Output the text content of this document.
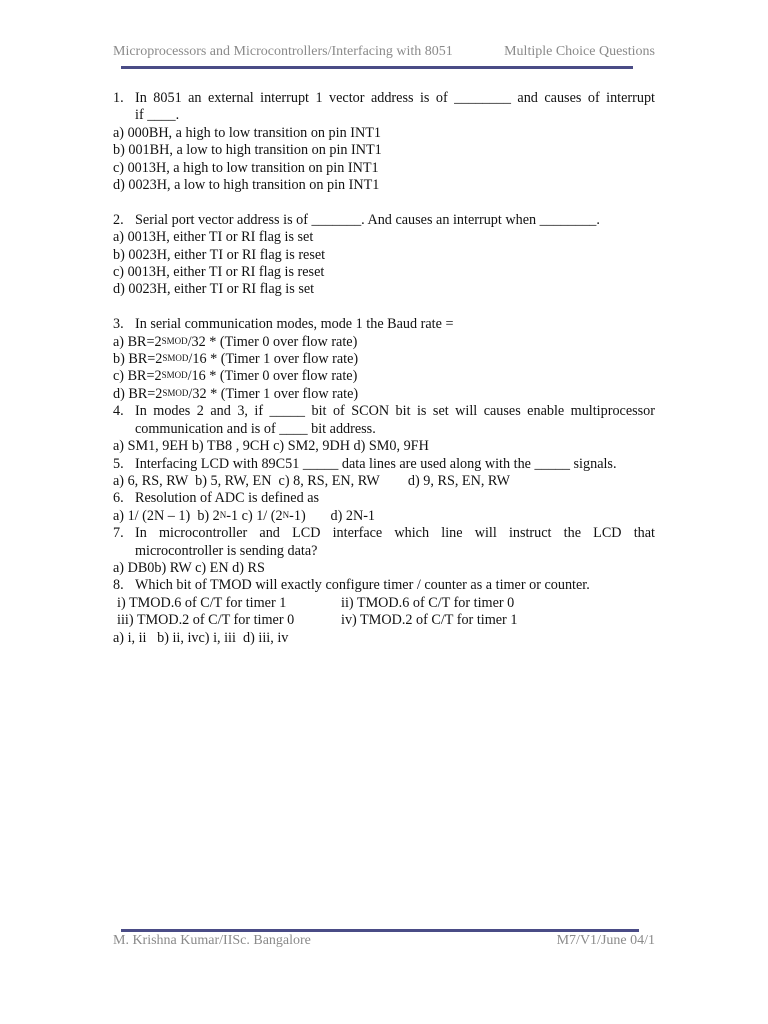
Microprocessors and Microcontrollers/Interfacing with 8051	Multiple Choice Questions
1. In 8051 an external interrupt 1 vector address is of ________ and causes of interrupt
if ____.
a) 000BH, a high to low transition on pin INT1
b) 001BH, a low to high transition on pin INT1
c) 0013H, a high to low transition on pin INT1
d) 0023H, a low to high transition on pin INT1
2. Serial port vector address is of _______. And causes an interrupt when ________.
a) 0013H, either TI or RI flag is set
b) 0023H, either TI or RI flag is reset
c) 0013H, either TI or RI flag is reset
d) 0023H, either TI or RI flag is set
3. In serial communication modes, mode 1 the Baud rate =
a) $BR=2^{SMOD}/32$ * (Timer 0 over flow rate)
b) $BR=2^{SMOD}/16$ * (Timer 1 over flow rate)
c) $BR=2^{SMOD}/16$ * (Timer 0 over flow rate)
d) $BR=2^{SMOD}/32$ * (Timer 1 over flow rate)
4. In modes 2 and 3, if _____ bit of SCON bit is set will causes enable multiprocessor
communication and is of ____ bit address.
a) SM1, 9EH b) TB8 , 9CH c) SM2, 9DH d) SM0, 9FH
5. Interfacing LCD with 89C51 _____ data lines are used along with the _____ signals.
a) 6, RS, RW  b) 5, RW, EN  c) 8, RS, EN, RW        d) 9, RS, EN, RW
6. Resolution of ADC is defined as
a) 1/ (2N – 1)  b) $2^N-1$ c) 1/ $(2^N-1)$       d) 2N-1
7. In microcontroller and LCD interface which line will instruct the LCD that
microcontroller is sending data?
a) DB0b) RW c) EN d) RS
8. Which bit of TMOD will exactly configure timer / counter as a timer or counter.
i) TMOD.6 of C/T for timer 1	ii) TMOD.6 of C/T for timer 0
iii) TMOD.2 of C/T for timer 0	iv) TMOD.2 of C/T for timer 1
a) i, ii   b) ii, ivc) i, iii  d) iii, iv
M. Krishna Kumar/IISc. Bangalore	M7/V1/June 04/1
